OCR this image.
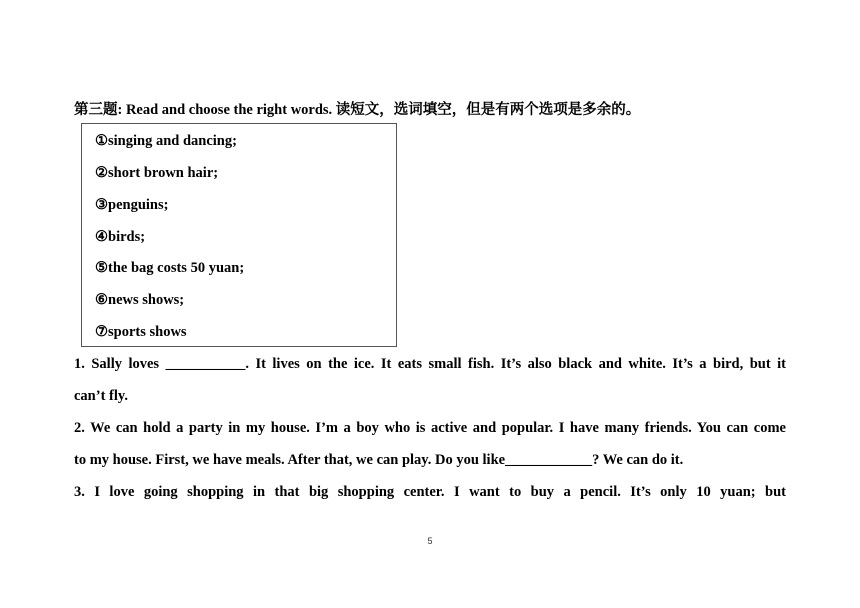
第三题: Read and choose the right words. 读短文，选词填空，但是有两个选项是多余的。
①singing and dancing;
②short brown hair;
③penguins;
④birds;
⑤the bag costs 50 yuan;
⑥news shows;
⑦sports shows
1. Sally loves ___________. It lives on the ice. It eats small fish. It’s also black and white. It’s a bird, but it
can’t fly.
2. We can hold a party in my house. I’m a boy who is active and popular. I have many friends. You can come
to my house. First, we have meals. After that, we can play. Do you like____________? We can do it.
3. I love going shopping in that big shopping center. I want to buy a pencil. It’s only 10 yuan; but
5
